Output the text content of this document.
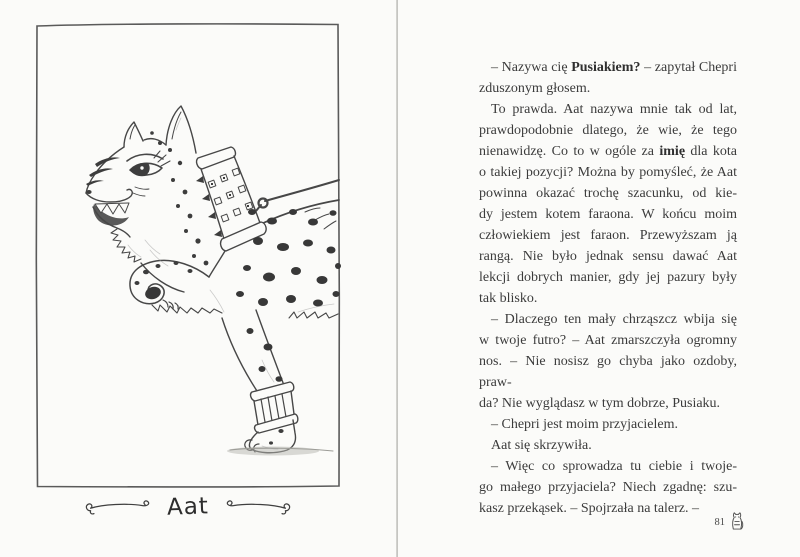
Aat
– Nazywa cię Pusiakiem? – zapytał Chepri
zduszonym głosem.
To prawda. Aat nazywa mnie tak od lat,
prawdopodobnie dlatego, że wie, że tego
nienawidzę. Co to w ogóle za imię dla kota
o takiej pozycji? Można by pomyśleć, że Aat
powinna okazać trochę szacunku, od kie-
dy jestem kotem faraona. W końcu moim
człowiekiem jest faraon. Przewyższam ją
rangą. Nie było jednak sensu dawać Aat
lekcji dobrych manier, gdy jej pazury były
tak blisko.
– Dlaczego ten mały chrząszcz wbija się
w twoje futro? – Aat zmarszczyła ogromny
nos. – Nie nosisz go chyba jako ozdoby, praw-
da? Nie wyglądasz w tym dobrze, Pusiaku.
– Chepri jest moim przyjacielem.
Aat się skrzywiła.
– Więc co sprowadza tu ciebie i twoje-
go małego przyjaciela? Niech zgadnę: szu-
kasz przekąsek. – Spojrzała na talerz. –
81
